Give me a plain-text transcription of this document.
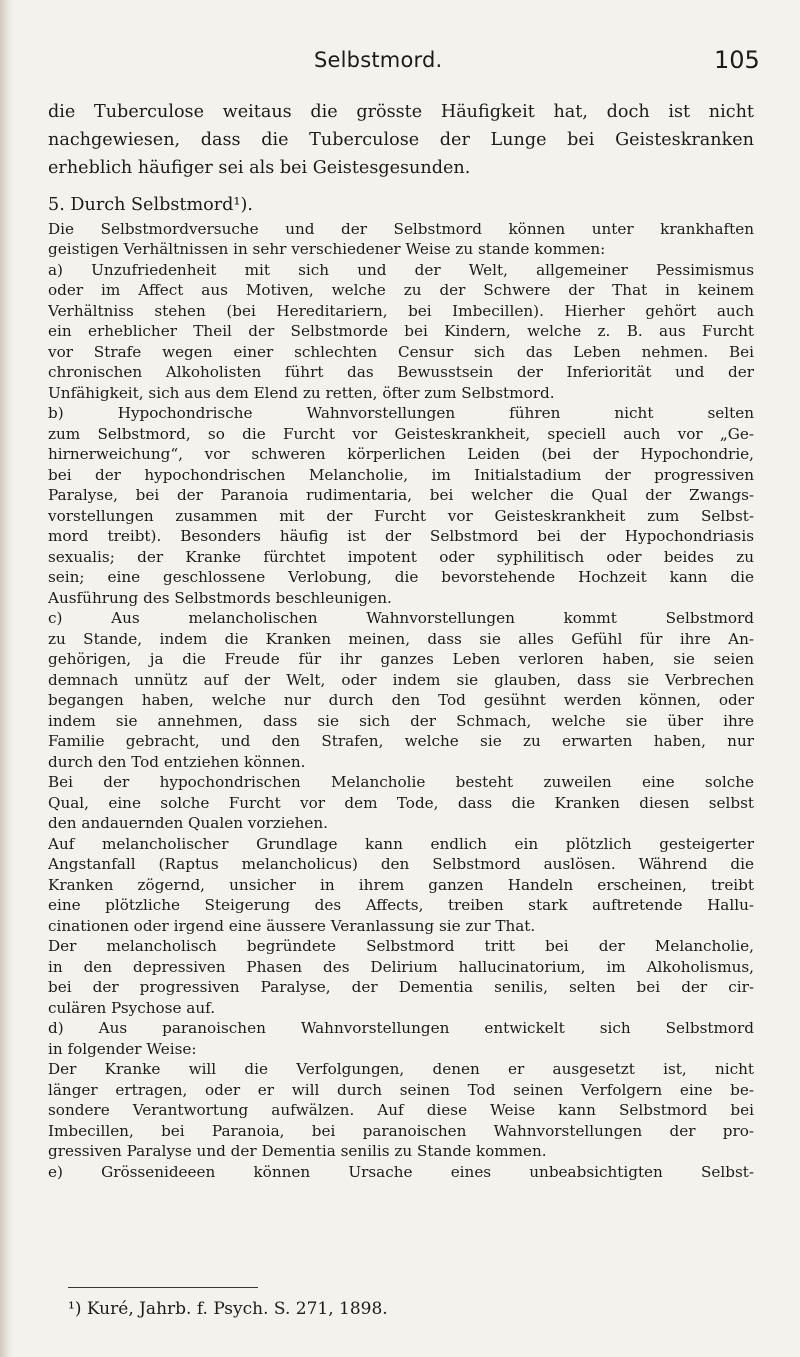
Selbstmord.	105
die Tuberculose weitaus die grösste Häufigkeit hat, doch ist nicht
nachgewiesen, dass die Tuberculose der Lunge bei Geisteskranken
erheblich häufiger sei als bei Geistesgesunden.
5. Durch Selbstmord¹).
Die Selbstmordversuche und der Selbstmord können unter krankhaften
geistigen Verhältnissen in sehr verschiedener Weise zu stande kommen:
a) Unzufriedenheit mit sich und der Welt, allgemeiner Pessimismus
oder im Affect aus Motiven, welche zu der Schwere der That in keinem
Verhältniss stehen (bei Hereditariern, bei Imbecillen). Hierher gehört auch
ein erheblicher Theil der Selbstmorde bei Kindern, welche z. B. aus Furcht
vor Strafe wegen einer schlechten Censur sich das Leben nehmen. Bei
chronischen Alkoholisten führt das Bewusstsein der Inferiorität und der
Unfähigkeit, sich aus dem Elend zu retten, öfter zum Selbstmord.
b) Hypochondrische Wahnvorstellungen führen nicht selten
zum Selbstmord, so die Furcht vor Geisteskrankheit, speciell auch vor „Ge-
hirnerweichung“, vor schweren körperlichen Leiden (bei der Hypochondrie,
bei der hypochondrischen Melancholie, im Initialstadium der progressiven
Paralyse, bei der Paranoia rudimentaria, bei welcher die Qual der Zwangs-
vorstellungen zusammen mit der Furcht vor Geisteskrankheit zum Selbst-
mord treibt). Besonders häufig ist der Selbstmord bei der Hypochondriasis
sexualis; der Kranke fürchtet impotent oder syphilitisch oder beides zu
sein; eine geschlossene Verlobung, die bevorstehende Hochzeit kann die
Ausführung des Selbstmords beschleunigen.
c) Aus melancholischen Wahnvorstellungen kommt Selbstmord
zu Stande, indem die Kranken meinen, dass sie alles Gefühl für ihre An-
gehörigen, ja die Freude für ihr ganzes Leben verloren haben, sie seien
demnach unnütz auf der Welt, oder indem sie glauben, dass sie Verbrechen
begangen haben, welche nur durch den Tod gesühnt werden können, oder
indem sie annehmen, dass sie sich der Schmach, welche sie über ihre
Familie gebracht, und den Strafen, welche sie zu erwarten haben, nur
durch den Tod entziehen können.
Bei der hypochondrischen Melancholie besteht zuweilen eine solche
Qual, eine solche Furcht vor dem Tode, dass die Kranken diesen selbst
den andauernden Qualen vorziehen.
Auf melancholischer Grundlage kann endlich ein plötzlich gesteigerter
Angstanfall (Raptus melancholicus) den Selbstmord auslösen. Während die
Kranken zögernd, unsicher in ihrem ganzen Handeln erscheinen, treibt
eine plötzliche Steigerung des Affects, treiben stark auftretende Hallu-
cinationen oder irgend eine äussere Veranlassung sie zur That.
Der melancholisch begründete Selbstmord tritt bei der Melancholie,
in den depressiven Phasen des Delirium hallucinatorium, im Alkoholismus,
bei der progressiven Paralyse, der Dementia senilis, selten bei der cir-
culären Psychose auf.
d) Aus paranoischen Wahnvorstellungen entwickelt sich Selbstmord
in folgender Weise:
Der Kranke will die Verfolgungen, denen er ausgesetzt ist, nicht
länger ertragen, oder er will durch seinen Tod seinen Verfolgern eine be-
sondere Verantwortung aufwälzen. Auf diese Weise kann Selbstmord bei
Imbecillen, bei Paranoia, bei paranoischen Wahnvorstellungen der pro-
gressiven Paralyse und der Dementia senilis zu Stande kommen.
e) Grössenideeen können Ursache eines unbeabsichtigten Selbst-
¹) Kuré, Jahrb. f. Psych. S. 271, 1898.
